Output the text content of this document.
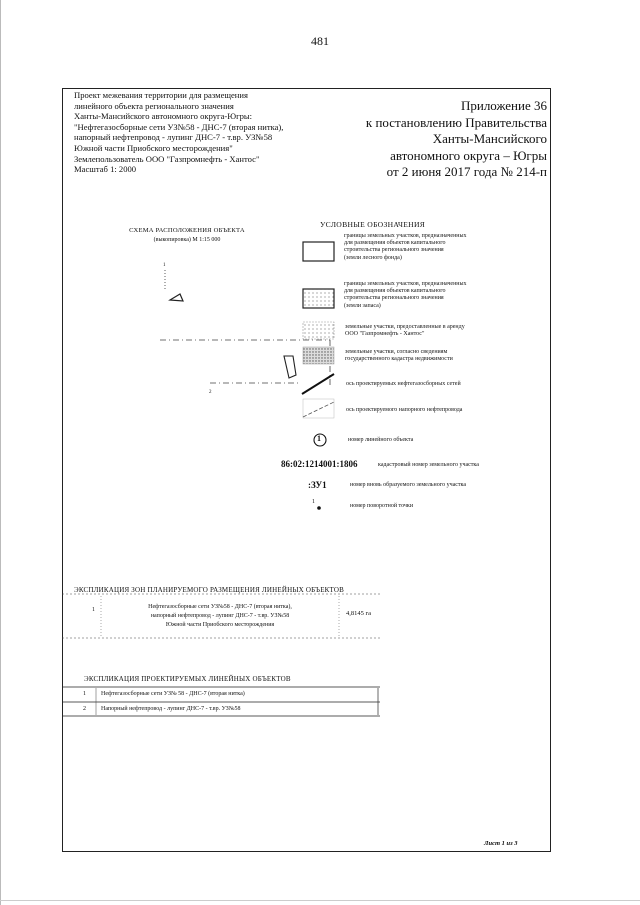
481
Проект межевания территории для размещения
линейного объекта регионального значения
Ханты-Мансийского автономного округа-Югры:
"Нефтегазосборные сети УЗ№58 - ДНС-7 (вторая нитка),
напорный нефтепровод - лупинг ДНС-7 - т.вр. УЗ№58
Южной части Приобского месторождения"
Землепользователь ООО "Газпромнефть - Хантос"
Масштаб 1: 2000
Приложение 36
к постановлению Правительства
Ханты-Мансийского
автономного округа – Югры
от 2 июня 2017 года № 214-п
СХЕМА РАСПОЛОЖЕНИЯ ОБЪЕКТА
(выкопировка) М 1:15 000
УСЛОВНЫЕ ОБОЗНАЧЕНИЯ
границы земельных участков, предназначенных
для размещения объектов капитального
строительства регионального значения
(земли лесного фонда)
границы земельных участков, предназначенных
для размещения объектов капитального
строительства регионального значения
(земли запаса)
земельные участки, предоставленные в аренду
ООО "Газпромнефть - Хантос"
земельные участки, согласно сведениям
государственного кадастра недвижимости
ось проектируемых нефтегазосборных сетей
ось проектируемого напорного нефтепровода
номер линейного объекта
кадастровый номер земельного участка
номер вновь образуемого земельного участка
номер поворотной точки
1
86:02:1214001:1806
:ЗУ1
1
1
2
ЭКСПЛИКАЦИЯ ЗОН ПЛАНИРУЕМОГО РАЗМЕЩЕНИЯ ЛИНЕЙНЫХ ОБЪЕКТОВ
1	Нефтегазосборные сети УЗ№58 - ДНС-7 (вторая нитка),
напорный нефтепровод - лупинг ДНС-7 - т.вр. УЗ№58
Южной части Приобского месторождения
4,8145 га
ЭКСПЛИКАЦИЯ ПРОЕКТИРУЕМЫХ ЛИНЕЙНЫХ ОБЪЕКТОВ
1	Нефтегазосборные сети УЗ№ 58 - ДНС-7 (вторая нитка)
2	Напорный нефтепровод - лупинг ДНС-7 - т.вр. УЗ№58
Лист 1 из 3
